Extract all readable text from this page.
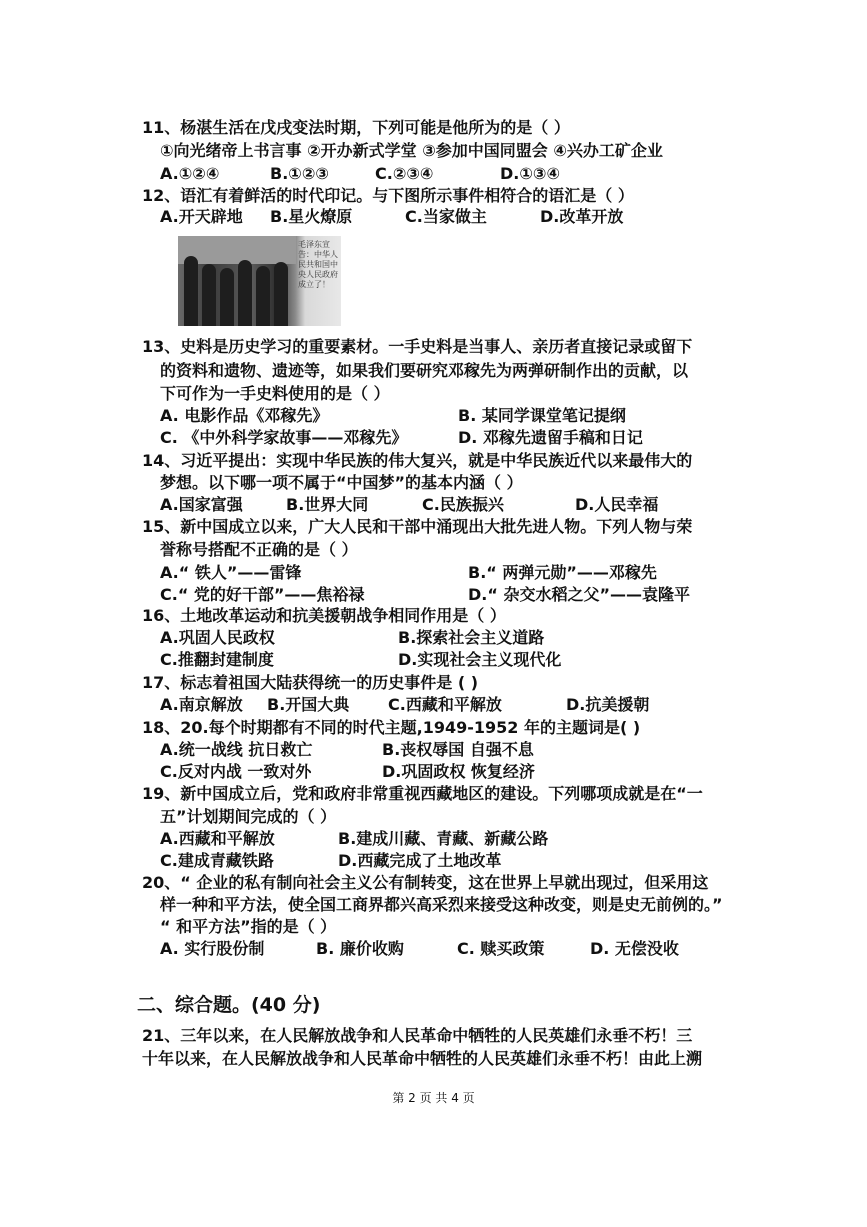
11、杨湛生活在戊戌变法时期，下列可能是他所为的是（ ）
①向光绪帝上书言事 ②开办新式学堂 ③参加中国同盟会 ④兴办工矿企业
A.①②④	B.①②③	C.②③④	D.①③④
12、语汇有着鲜活的时代印记。与下图所示事件相符合的语汇是（ ）
A.开天辟地 B.星火燎原	C.当家做主	D.改革开放
毛泽东宣告：中华人民共和国中央人民政府成立了！
13、史料是历史学习的重要素材。一手史料是当事人、亲历者直接记录或留下
的资料和遗物、遗迹等，如果我们要研究邓稼先为两弹研制作出的贡献，以
下可作为一手史料使用的是（ ）
A. 电影作品《邓稼先》	B. 某同学课堂笔记提纲
C. 《中外科学家故事——邓稼先》	D. 邓稼先遗留手稿和日记
14、习近平提出：实现中华民族的伟大复兴，就是中华民族近代以来最伟大的
梦想。以下哪一项不属于“中国梦”的基本内涵（ ）
A.国家富强	B.世界大同	C.民族振兴	D.人民幸福
15、新中国成立以来，广大人民和干部中涌现出大批先进人物。下列人物与荣
誉称号搭配不正确的是（ ）
A.“ 铁人”——雷锋	B.“ 两弹元勋”——邓稼先
C.“ 党的好干部”——焦裕禄	D.“ 杂交水稻之父”——袁隆平
16、土地改革运动和抗美援朝战争相同作用是（ ）
A.巩固人民政权	B.探索社会主义道路
C.推翻封建制度	D.实现社会主义现代化
17、标志着祖国大陆获得统一的历史事件是 ( )
A.南京解放 B.开国大典 C.西藏和平解放	D.抗美援朝
18、20.每个时期都有不同的时代主题,1949-1952 年的主题词是( )
A.统一战线 抗日救亡	B.丧权辱国 自强不息
C.反对内战 一致对外	D.巩固政权 恢复经济
19、新中国成立后，党和政府非常重视西藏地区的建设。下列哪项成就是在“一
五”计划期间完成的（ ）
A.西藏和平解放	B.建成川藏、青藏、新藏公路
C.建成青藏铁路	D.西藏完成了土地改革
20、“ 企业的私有制向社会主义公有制转变，这在世界上早就出现过，但采用这
样一种和平方法，使全国工商界都兴高采烈来接受这种改变，则是史无前例的。”
“ 和平方法”指的是（ ）
A. 实行股份制	B. 廉价收购	C. 赎买政策	D. 无偿没收
二、综合题。(40 分)
21、三年以来，在人民解放战争和人民革命中牺牲的人民英雄们永垂不朽！三
十年以来，在人民解放战争和人民革命中牺牲的人民英雄们永垂不朽！由此上溯
第 2 页 共 4 页
